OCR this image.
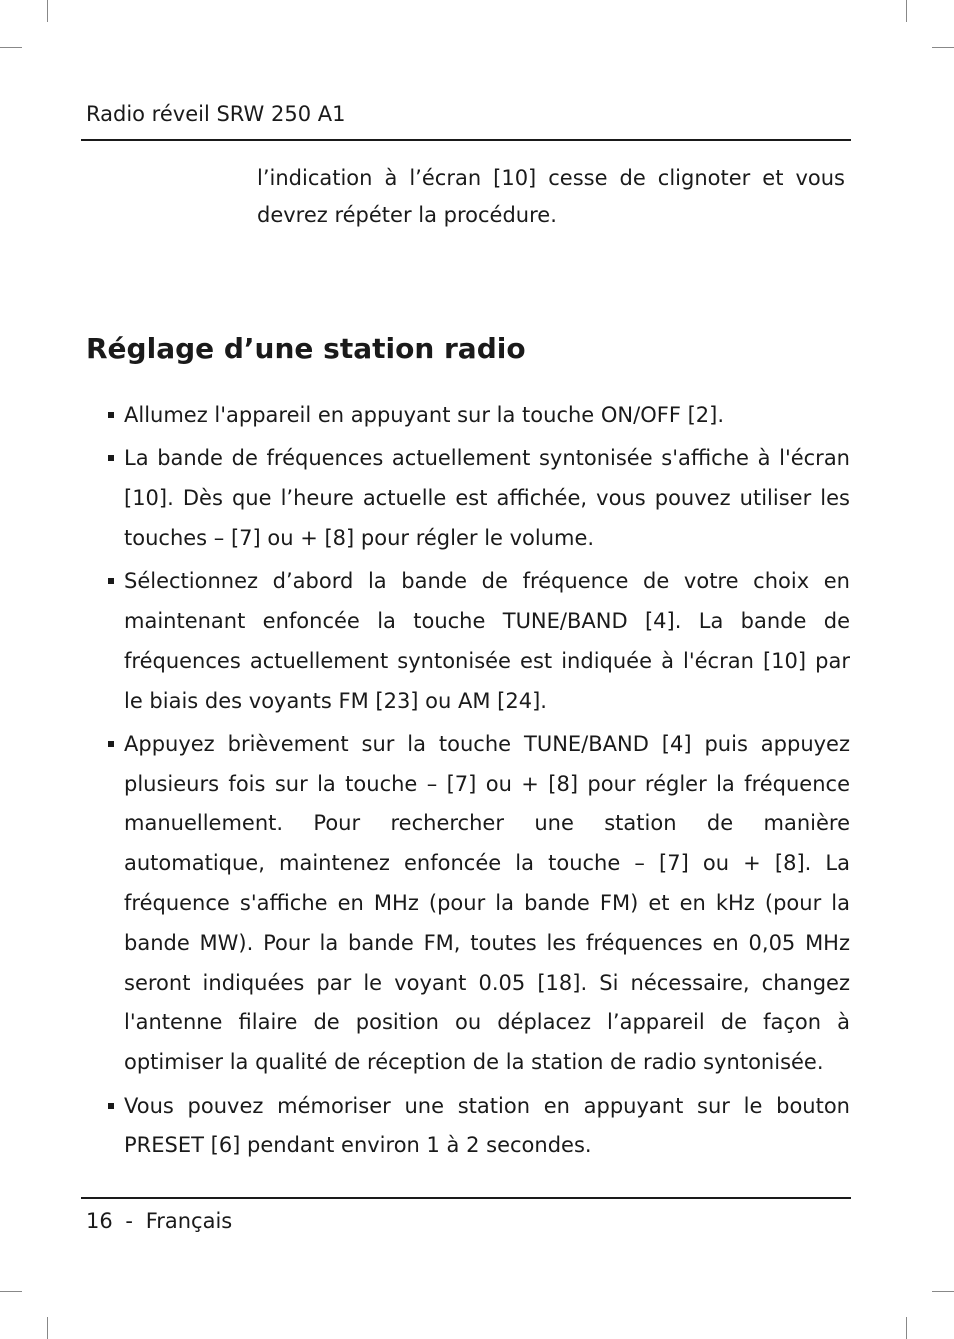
Radio réveil SRW 250 A1

l’indication à l’écran [10] cesse de clignoter et vous devrez répéter la procédure.

Réglage d’une station radio
Allumez l'appareil en appuyant sur la touche ON/OFF [2].
La bande de fréquences actuellement syntonisée s'affiche à l'écran [10]. Dès que l’heure actuelle est affichée, vous pouvez utiliser les touches – [7] ou + [8] pour régler le volume.
Sélectionnez d’abord la bande de fréquence de votre choix en maintenant enfoncée la touche TUNE/BAND [4]. La bande de fréquences actuellement syntonisée est indiquée à l'écran [10] par le biais des voyants FM [23] ou AM [24].
Appuyez brièvement sur la touche TUNE/BAND [4] puis appuyez plusieurs fois sur la touche – [7] ou + [8] pour régler la fréquence manuellement. Pour rechercher une station de manière automatique, maintenez enfoncée la touche – [7] ou + [8]. La fréquence s'affiche en MHz (pour la bande FM) et en kHz (pour la bande MW). Pour la bande FM, toutes les fréquences en 0,05 MHz seront indiquées par le voyant 0.05 [18]. Si nécessaire, changez l'antenne filaire de position ou déplacez l’appareil de façon à optimiser la qualité de réception de la station de radio syntonisée.
Vous pouvez mémoriser une station en appuyant sur le bouton PRESET [6] pendant environ 1 à 2 secondes.
16 - Français
